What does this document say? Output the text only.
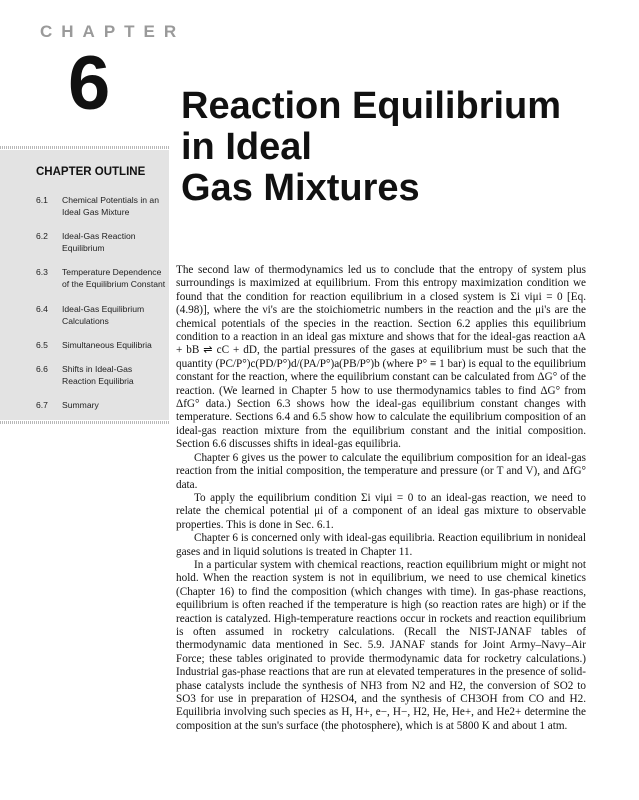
CHAPTER
6 Reaction Equilibrium
in Ideal
Gas Mixtures
CHAPTER OUTLINE
6.1 Chemical Potentials in an Ideal Gas Mixture
6.2 Ideal-Gas Reaction Equilibrium
6.3 Temperature Dependence of the Equilibrium Constant
6.4 Ideal-Gas Equilibrium Calculations
6.5 Simultaneous Equilibria
6.6 Shifts in Ideal-Gas Reaction Equilibria
6.7 Summary

The second law of thermodynamics led us to conclude that the entropy of system plus surroundings is maximized at equilibrium. From this entropy maximization condition we found that the condition for reaction equilibrium in a closed system is Σi νiμi = 0 [Eq. (4.98)], where the νi's are the stoichiometric numbers in the reaction and the μi's are the chemical potentials of the species in the reaction. Section 6.2 applies this equilibrium condition to a reaction in an ideal gas mixture and shows that for the ideal-gas reaction aA + bB ⇌ cC + dD, the partial pressures of the gases at equilibrium must be such that the quantity (PC/P°)c(PD/P°)d/(PA/P°)a(PB/P°)b (where P° ≡ 1 bar) is equal to the equilibrium constant for the reaction, where the equilibrium constant can be calculated from ΔG° of the reaction. (We learned in Chapter 5 how to use thermodynamics tables to find ΔG° from ΔfG° data.) Section 6.3 shows how the ideal-gas equilibrium constant changes with temperature. Sections 6.4 and 6.5 show how to calculate the equilibrium composition of an ideal-gas reaction mixture from the equilibrium constant and the initial composition. Section 6.6 discusses shifts in ideal-gas equilibria.

Chapter 6 gives us the power to calculate the equilibrium composition for an ideal-gas reaction from the initial composition, the temperature and pressure (or T and V), and ΔfG° data.

To apply the equilibrium condition Σi νiμi = 0 to an ideal-gas reaction, we need to relate the chemical potential μi of a component of an ideal gas mixture to observable properties. This is done in Sec. 6.1.

Chapter 6 is concerned only with ideal-gas equilibria. Reaction equilibrium in nonideal gases and in liquid solutions is treated in Chapter 11.

In a particular system with chemical reactions, reaction equilibrium might or might not hold. When the reaction system is not in equilibrium, we need to use chemical kinetics (Chapter 16) to find the composition (which changes with time). In gas-phase reactions, equilibrium is often reached if the temperature is high (so reaction rates are high) or if the reaction is catalyzed. High-temperature reactions occur in rockets and reaction equilibrium is often assumed in rocketry calculations. (Recall the NIST-JANAF tables of thermodynamic data mentioned in Sec. 5.9. JANAF stands for Joint Army–Navy–Air Force; these tables originated to provide thermodynamic data for rocketry calculations.) Industrial gas-phase reactions that are run at elevated temperatures in the presence of solid-phase catalysts include the synthesis of NH3 from N2 and H2, the conversion of SO2 to SO3 for use in preparation of H2SO4, and the synthesis of CH3OH from CO and H2. Equilibria involving such species as H, H+, e−, H−, H2, He, He+, and He2+ determine the composition at the sun's surface (the photosphere), which is at 5800 K and about 1 atm.
